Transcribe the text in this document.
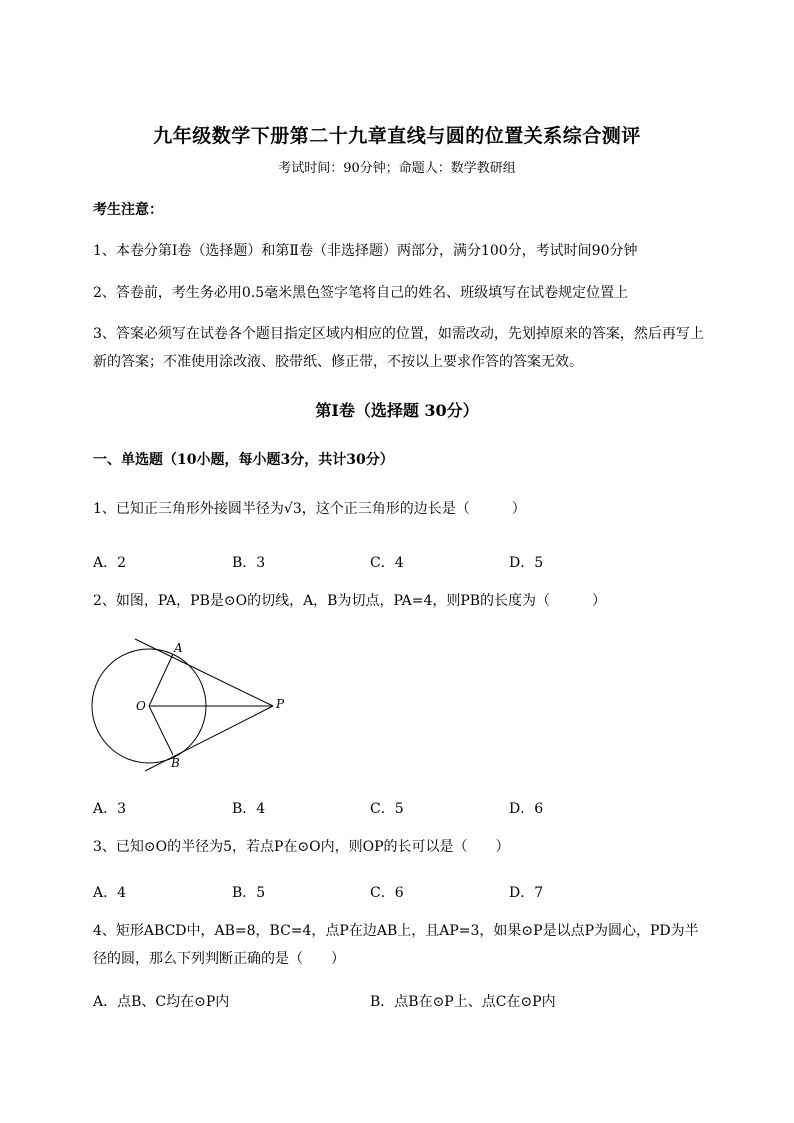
九年级数学下册第二十九章直线与圆的位置关系综合测评
考试时间：90分钟；命题人：数学教研组
考生注意：
1、本卷分第I卷（选择题）和第Ⅱ卷（非选择题）两部分，满分100分，考试时间90分钟
2、答卷前，考生务必用0.5毫米黑色签字笔将自己的姓名、班级填写在试卷规定位置上
3、答案必须写在试卷各个题目指定区域内相应的位置，如需改动，先划掉原来的答案，然后再写上新的答案；不准使用涂改液、胶带纸、修正带，不按以上要求作答的答案无效。
第I卷（选择题 30分）
一、单选题（10小题，每小题3分，共计30分）
1、已知正三角形外接圆半径为√3，这个正三角形的边长是（　　　）
A．2	B．3	C．4	D．5
2、如图，PA，PB是⊙O的切线，A，B为切点，PA=4，则PB的长度为（　　　）
A
B
O	P
A．3	B．4	C．5	D．6
3、已知⊙O的半径为5，若点P在⊙O内，则OP的长可以是（　　）
A．4	B．5	C．6	D．7
4、矩形ABCD中，AB=8，BC=4，点P在边AB上，且AP=3，如果⊙P是以点P为圆心，PD为半径的圆，那么下列判断正确的是（　　）
A．点B、C均在⊙P内	B．点B在⊙P上、点C在⊙P内
